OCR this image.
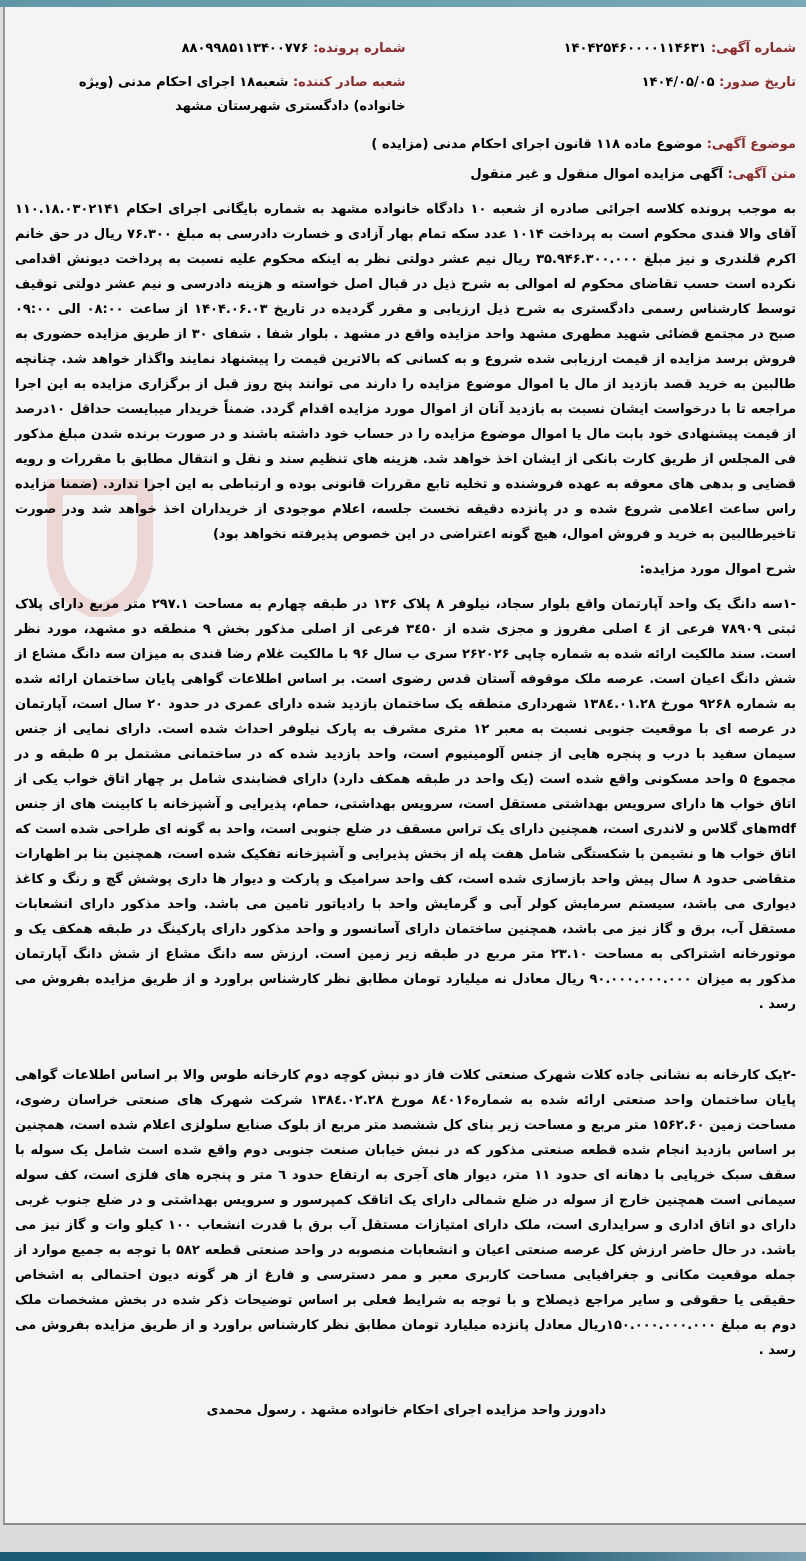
شماره آگهی: ۱۴۰۴۲۵۴۶۰۰۰۰۱۱۴۶۳۱
شماره پرونده: ۸۸۰۹۹۸۵۱۱۳۴۰۰۷۷۶
تاریخ صدور: ۱۴۰۴/۰۵/۰۵
شعبه صادر کننده: شعبه۱۸ اجرای احکام مدنی (ویژه خانواده) دادگستری شهرستان مشهد
موضوع آگهی: موضوع ماده ۱۱۸ قانون اجرای احکام مدنی (مزایده )
متن آگهی: آگهی مزایده اموال منقول و غیر منقول
به موجب پرونده کلاسه اجرائی صادره از شعبه ۱۰ دادگاه خانواده مشهد به شماره بایگانی اجرای احکام ۱۱۰.۱۸.۰۳۰۲۱۴۱ آقای والا قندی محکوم است به پرداخت ۱۰۱۴ عدد سکه تمام بهار آزادی و خسارت دادرسی به مبلغ ۷۶.۳۰۰ ریال در حق خانم اکرم قلندری و نیز مبلغ ۳۵.۹۴۶.۳۰۰.۰۰۰ ریال نیم عشر دولتی نظر به اینکه محکوم علیه نسبت به پرداخت دیونش اقدامی نکرده است حسب تقاضای محکوم له اموالی به شرح ذیل در قبال اصل خواسته و هزینه دادرسی و نیم عشر دولتی توقیف توسط کارشناس رسمی دادگستری به شرح ذیل ارزیابی و مقرر گردیده در تاریخ ۱۴۰۴.۰۶.۰۳ از ساعت ۰۸:۰۰ الی ۰۹:۰۰ صبح در مجتمع قضائی شهید مطهری مشهد واحد مزایده واقع در مشهد . بلوار شفا . شفای ۳۰ از طریق مزایده حضوری به فروش برسد مزایده از قیمت ارزیابی شده شروع و به کسانی که بالاترین قیمت را پیشنهاد نمایند واگذار خواهد شد. چنانچه طالبین به خرید قصد بازدید از مال یا اموال موضوع مزایده را دارند می توانند پنج روز قبل از برگزاری مزایده به این اجرا مراجعه تا با درخواست ایشان نسبت به بازدید آنان از اموال مورد مزایده اقدام گردد. ضمناً خریدار میبایست حداقل ۱۰درصد از قیمت پیشنهادی خود بابت مال یا اموال موضوع مزایده را در حساب خود داشته باشند و در صورت برنده شدن مبلغ مذکور فی المجلس از طریق کارت بانکی از ایشان اخذ خواهد شد. هزینه های تنظیم سند و نقل و انتقال مطابق با مقررات و رویه قضایی و بدهی های معوقه به عهده فروشنده و تخلیه تابع مقررات قانونی بوده و ارتباطی به این اجرا ندارد. (ضمنا مزایده راس ساعت اعلامی شروع شده و در پانزده دقیقه نخست جلسه، اعلام موجودی از خریداران اخذ خواهد شد ودر صورت تاخیرطالبین به خرید و فروش اموال، هیچ گونه اعتراضی در این خصوص پذیرفته نخواهد بود)
شرح اموال مورد مزایده:
-۱سه دانگ یک واحد آپارتمان واقع بلوار سجاد، نیلوفر ۸ پلاک ۱۳۶ در طبقه چهارم به مساحت ۲۹۷.۱ متر مربع دارای پلاک ثبتی ۷۸۹۰۹ فرعی از ٤ اصلی مفروز و مجزی شده از ۳٤۵۰ فرعی از اصلی مذکور بخش ۹ منطقه دو مشهد، مورد نظر است. سند مالکیت ارائه شده به شماره چاپی ۲۶۲۰۲۶ سری ب سال ۹۶ با مالکیت غلام رضا قندی به میزان سه دانگ مشاع از شش دانگ اعیان است. عرصه ملک موقوفه آستان قدس رضوی است. بر اساس اطلاعات گواهی پایان ساختمان ارائه شده به شماره ۹۲۶۸ مورخ ۱۳۸٤.۰۱.۲۸ شهرداری منطقه یک ساختمان بازدید شده دارای عمری در حدود ۲۰ سال است، آپارتمان در عرصه ای با موقعیت جنوبی نسبت به معبر ۱۲ متری مشرف به پارک نیلوفر احداث شده است. دارای نمایی از جنس سیمان سفید با درب و پنجره هایی از جنس آلومینیوم است، واحد بازدید شده که در ساختمانی مشتمل بر ۵ طبقه و در مجموع ۵ واحد مسکونی واقع شده است (یک واحد در طبقه همکف دارد) دارای فضابندی شامل بر چهار اتاق خواب یکی از اتاق خواب ها دارای سرویس بهداشتی مستقل است، سرویس بهداشتی، حمام، پذیرایی و آشپزخانه با کابینت های از جنس mdfهای گلاس و لاندری است، همچنین دارای یک تراس مسقف در ضلع جنوبی است، واحد به گونه ای طراحی شده است که اتاق خواب ها و نشیمن با شکستگی شامل هفت پله از بخش پذیرایی و آشپزخانه تفکیک شده است، همچنین بنا بر اظهارات متقاضی حدود ۸ سال پیش واحد بازسازی شده است، کف واحد سرامیک و پارکت و دیوار ها داری پوشش گچ و رنگ و کاغذ دیواری می باشد، سیستم سرمایش کولر آبی و گرمایش واحد با رادیاتور تامین می باشد. واحد مذکور دارای انشعابات مستقل آب، برق و گاز نیز می باشد، همچنین ساختمان دارای آسانسور و واحد مذکور دارای پارکینگ در طبقه همکف یک و موتورخانه اشتراکی به مساحت ۲۳.۱۰ متر مربع در طبقه زیر زمین است. ارزش سه دانگ مشاع از شش دانگ آپارتمان مذکور به میزان ۹۰.۰۰۰.۰۰۰.۰۰۰ ریال معادل نه میلیارد تومان مطابق نظر کارشناس براورد و از طریق مزایده بفروش می رسد .
-۲یک کارخانه به نشانی جاده کلات شهرک صنعتی کلات فاز دو نبش کوچه دوم کارخانه طوس والا بر اساس اطلاعات گواهی پایان ساختمان واحد صنعتی ارائه شده به شماره۸٤۰۱۶ مورخ ۱۳۸٤.۰۲.۲۸ شرکت شهرک های صنعتی خراسان رضوی، مساحت زمین ۱۵۶۲.۶۰ متر مربع و مساحت زیر بنای کل ششصد متر مربع از بلوک صنایع سلولزی اعلام شده است، همچنین بر اساس بازدید انجام شده قطعه صنعتی مذکور که در نبش خیابان صنعت جنوبی دوم واقع شده است شامل یک سوله با سقف سبک خرپایی با دهانه ای حدود ۱۱ متر، دیوار های آجری به ارتفاع حدود ٦ متر و پنجره های فلزی است، کف سوله سیمانی است همچنین خارج از سوله در ضلع شمالی دارای یک اتاقک کمپرسور و سرویس بهداشتی و در ضلع جنوب غربی دارای دو اتاق اداری و سرایداری است، ملک دارای امتیازات مستقل آب برق با قدرت انشعاب ۱۰۰ کیلو وات و گاز نیز می باشد. در حال حاضر ارزش کل عرصه صنعتی اعیان و انشعابات منصوبه در واحد صنعتی قطعه ۵۸۲ با توجه به جمیع موارد از جمله موقعیت مکانی و جغرافیایی مساحت کاربری معبر و ممر دسترسی و فارغ از هر گونه دیون احتمالی به اشخاص حقیقی یا حقوقی و سایر مراجع ذیصلاح و با توجه به شرایط فعلی بر اساس توضیحات ذکر شده در بخش مشخصات ملک دوم به مبلغ ۱۵۰.۰۰۰.۰۰۰.۰۰۰ریال معادل پانزده میلیارد تومان مطابق نظر کارشناس براورد و از طریق مزایده بفروش می رسد .
دادورز واحد مزایده اجرای احکام خانواده مشهد . رسول محمدی
